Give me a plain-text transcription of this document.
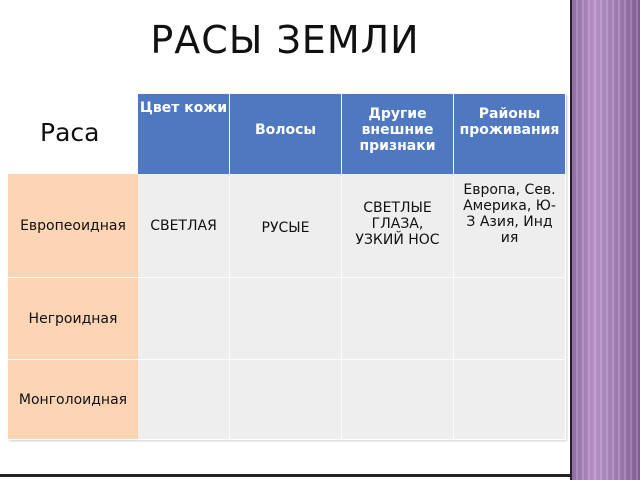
РАСЫ ЗЕМЛИ
Раса
Цвет кожи
Волосы
Другие внешние признаки
Районы проживания
Европеоидная
Негроидная
Монголоидная
СВЕТЛАЯ	РУСЫЕ
СВЕТЛЫЕ ГЛАЗА, УЗКИЙ НОС
Европа, Сев.Америка, Ю-З Азия, Индия
